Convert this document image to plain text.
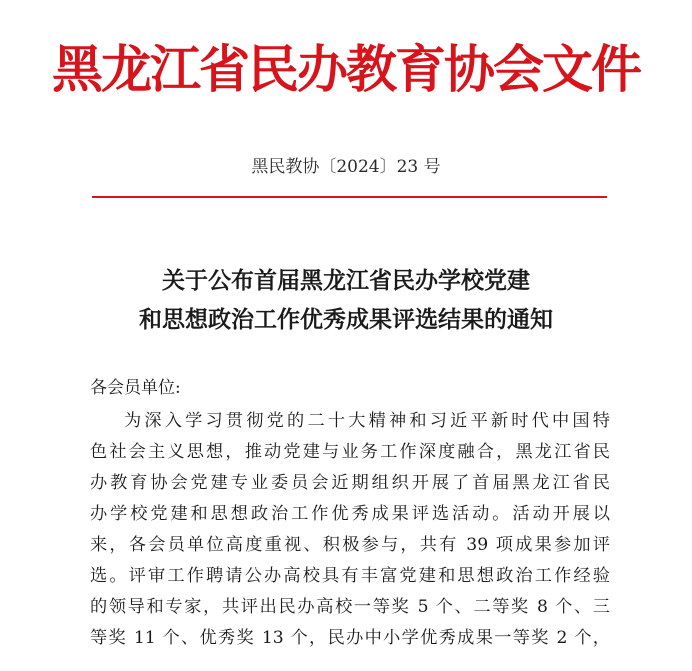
黑龙江省民办教育协会文件
黑民教协〔2024〕23 号
关于公布首届黑龙江省民办学校党建
和思想政治工作优秀成果评选结果的通知
各会员单位:
为深入学习贯彻党的二十大精神和习近平新时代中国特
色社会主义思想，推动党建与业务工作深度融合，黑龙江省民
办教育协会党建专业委员会近期组织开展了首届黑龙江省民
办学校党建和思想政治工作优秀成果评选活动。活动开展以
来，各会员单位高度重视、积极参与，共有 39 项成果参加评
选。评审工作聘请公办高校具有丰富党建和思想政治工作经验
的领导和专家，共评出民办高校一等奖 5 个、二等奖 8 个、三
等奖 11 个、优秀奖 13 个，民办中小学优秀成果一等奖 2 个，
